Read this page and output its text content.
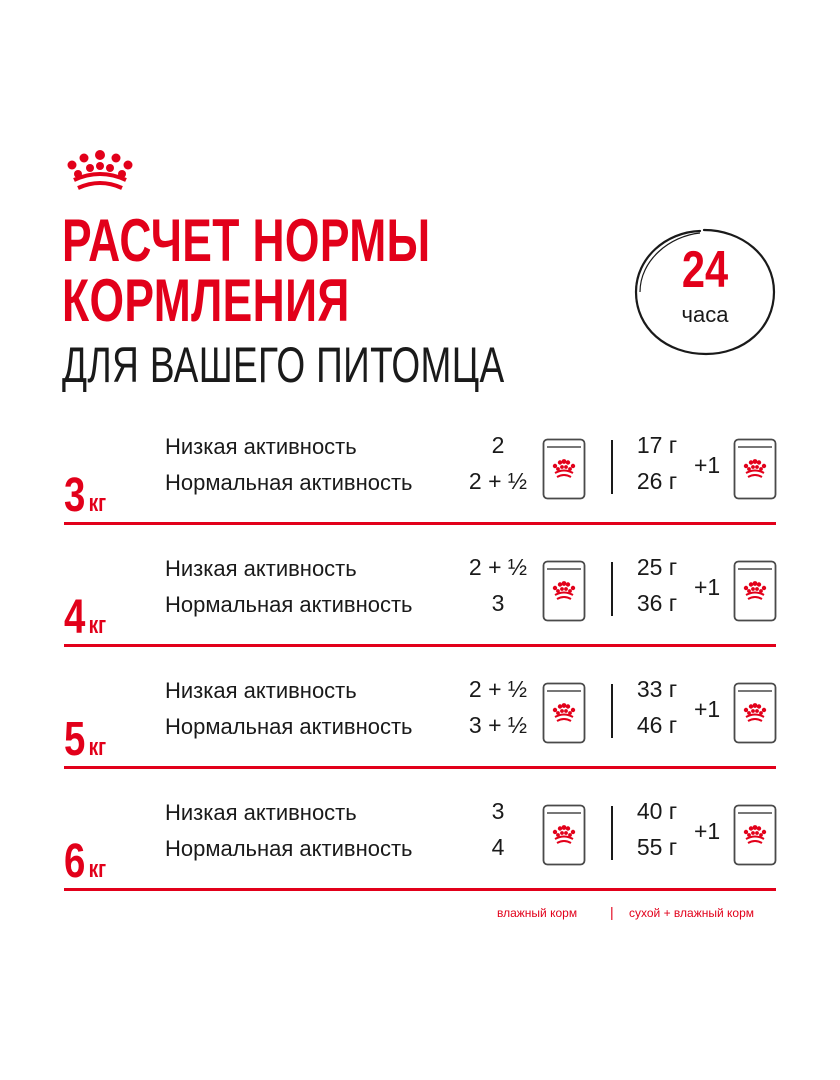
РАСЧЕТ НОРМЫ
КОРМЛЕНИЯ
ДЛЯ ВАШЕГО ПИТОМЦА
24
часа
3 кг
Низкая активность
Нормальная активность
2
2 + ½
17 г
26 г
+1
4 кг
Низкая активность
Нормальная активность
2 + ½
3
25 г
36 г
+1
5 кг
Низкая активность
Нормальная активность
2 + ½
3 + ½
33 г
46 г
+1
6 кг
Низкая активность
Нормальная активность
3
4
40 г
55 г
+1
влажный корм | сухой + влажный корм
